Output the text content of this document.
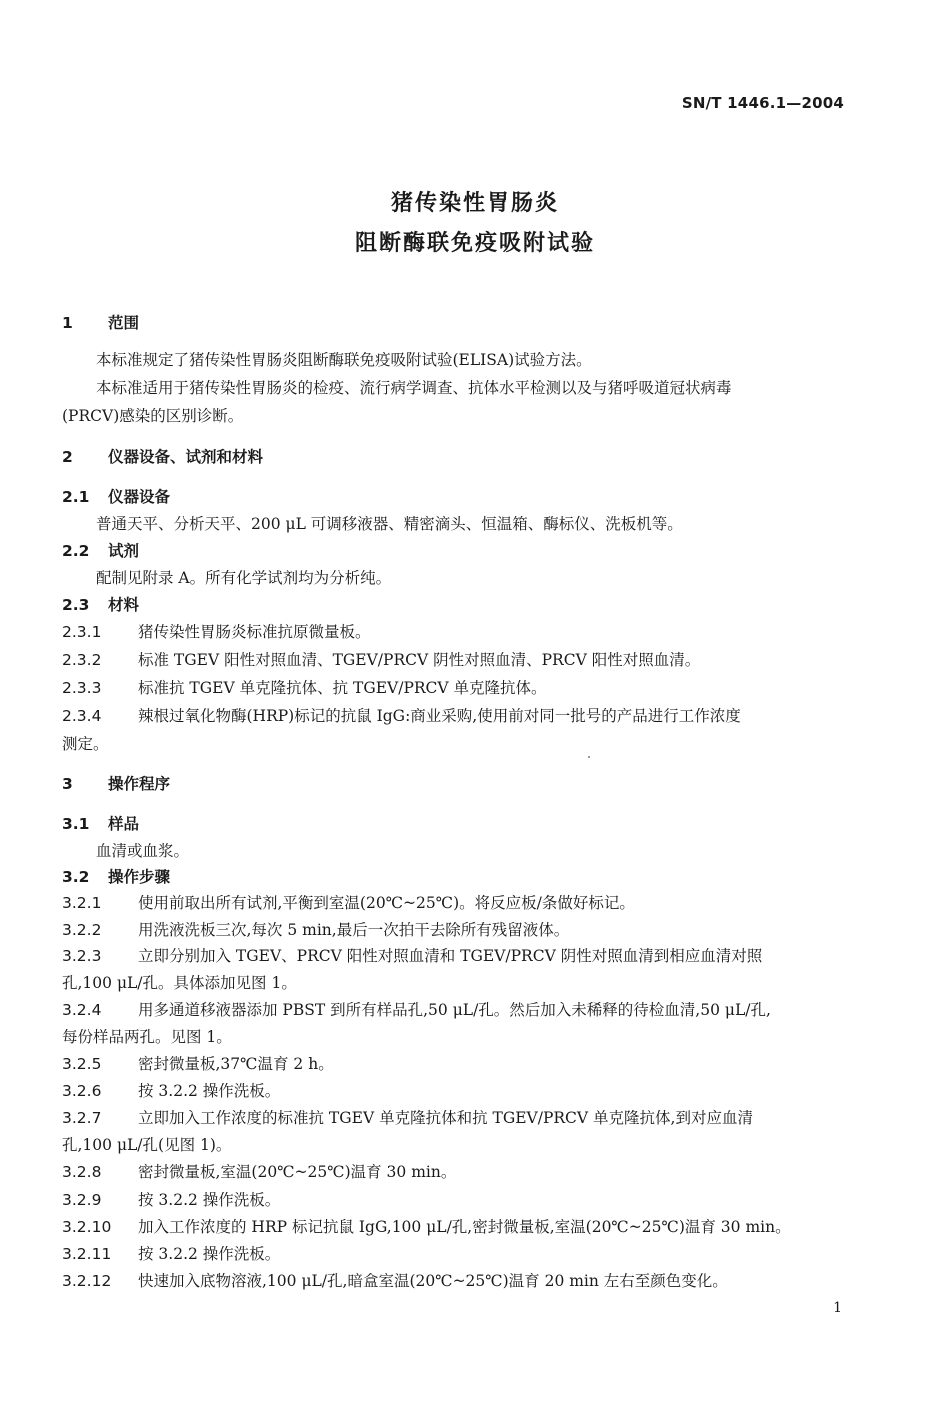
SN/T 1446.1—2004
猪传染性胃肠炎
阻断酶联免疫吸附试验
1 范围
本标准规定了猪传染性胃肠炎阻断酶联免疫吸附试验(ELISA)试验方法。
本标准适用于猪传染性胃肠炎的检疫、流行病学调查、抗体水平检测以及与猪呼吸道冠状病毒
(PRCV)感染的区别诊断。
2 仪器设备、试剂和材料
2.1 仪器设备
普通天平、分析天平、200 μL 可调移液器、精密滴头、恒温箱、酶标仪、洗板机等。
2.2 试剂
配制见附录 A。所有化学试剂均为分析纯。
2.3 材料
2.3.1 猪传染性胃肠炎标准抗原微量板。
2.3.2 标准 TGEV 阳性对照血清、TGEV/PRCV 阴性对照血清、PRCV 阳性对照血清。
2.3.3 标准抗 TGEV 单克隆抗体、抗 TGEV/PRCV 单克隆抗体。
2.3.4 辣根过氧化物酶(HRP)标记的抗鼠 IgG:商业采购,使用前对同一批号的产品进行工作浓度
测定。
3 操作程序
3.1 样品
血清或血浆。
3.2 操作步骤
3.2.1 使用前取出所有试剂,平衡到室温(20℃~25℃)。将反应板/条做好标记。
3.2.2 用洗液洗板三次,每次 5 min,最后一次拍干去除所有残留液体。
3.2.3 立即分别加入 TGEV、PRCV 阳性对照血清和 TGEV/PRCV 阴性对照血清到相应血清对照
孔,100 μL/孔。具体添加见图 1。
3.2.4 用多通道移液器添加 PBST 到所有样品孔,50 μL/孔。然后加入未稀释的待检血清,50 μL/孔,
每份样品两孔。见图 1。
3.2.5 密封微量板,37℃温育 2 h。
3.2.6 按 3.2.2 操作洗板。
3.2.7 立即加入工作浓度的标准抗 TGEV 单克隆抗体和抗 TGEV/PRCV 单克隆抗体,到对应血清
孔,100 μL/孔(见图 1)。
3.2.8 密封微量板,室温(20℃~25℃)温育 30 min。
3.2.9 按 3.2.2 操作洗板。
3.2.10 加入工作浓度的 HRP 标记抗鼠 IgG,100 μL/孔,密封微量板,室温(20℃~25℃)温育 30 min。
3.2.11 按 3.2.2 操作洗板。
3.2.12 快速加入底物溶液,100 μL/孔,暗盒室温(20℃~25℃)温育 20 min 左右至颜色变化。
1
